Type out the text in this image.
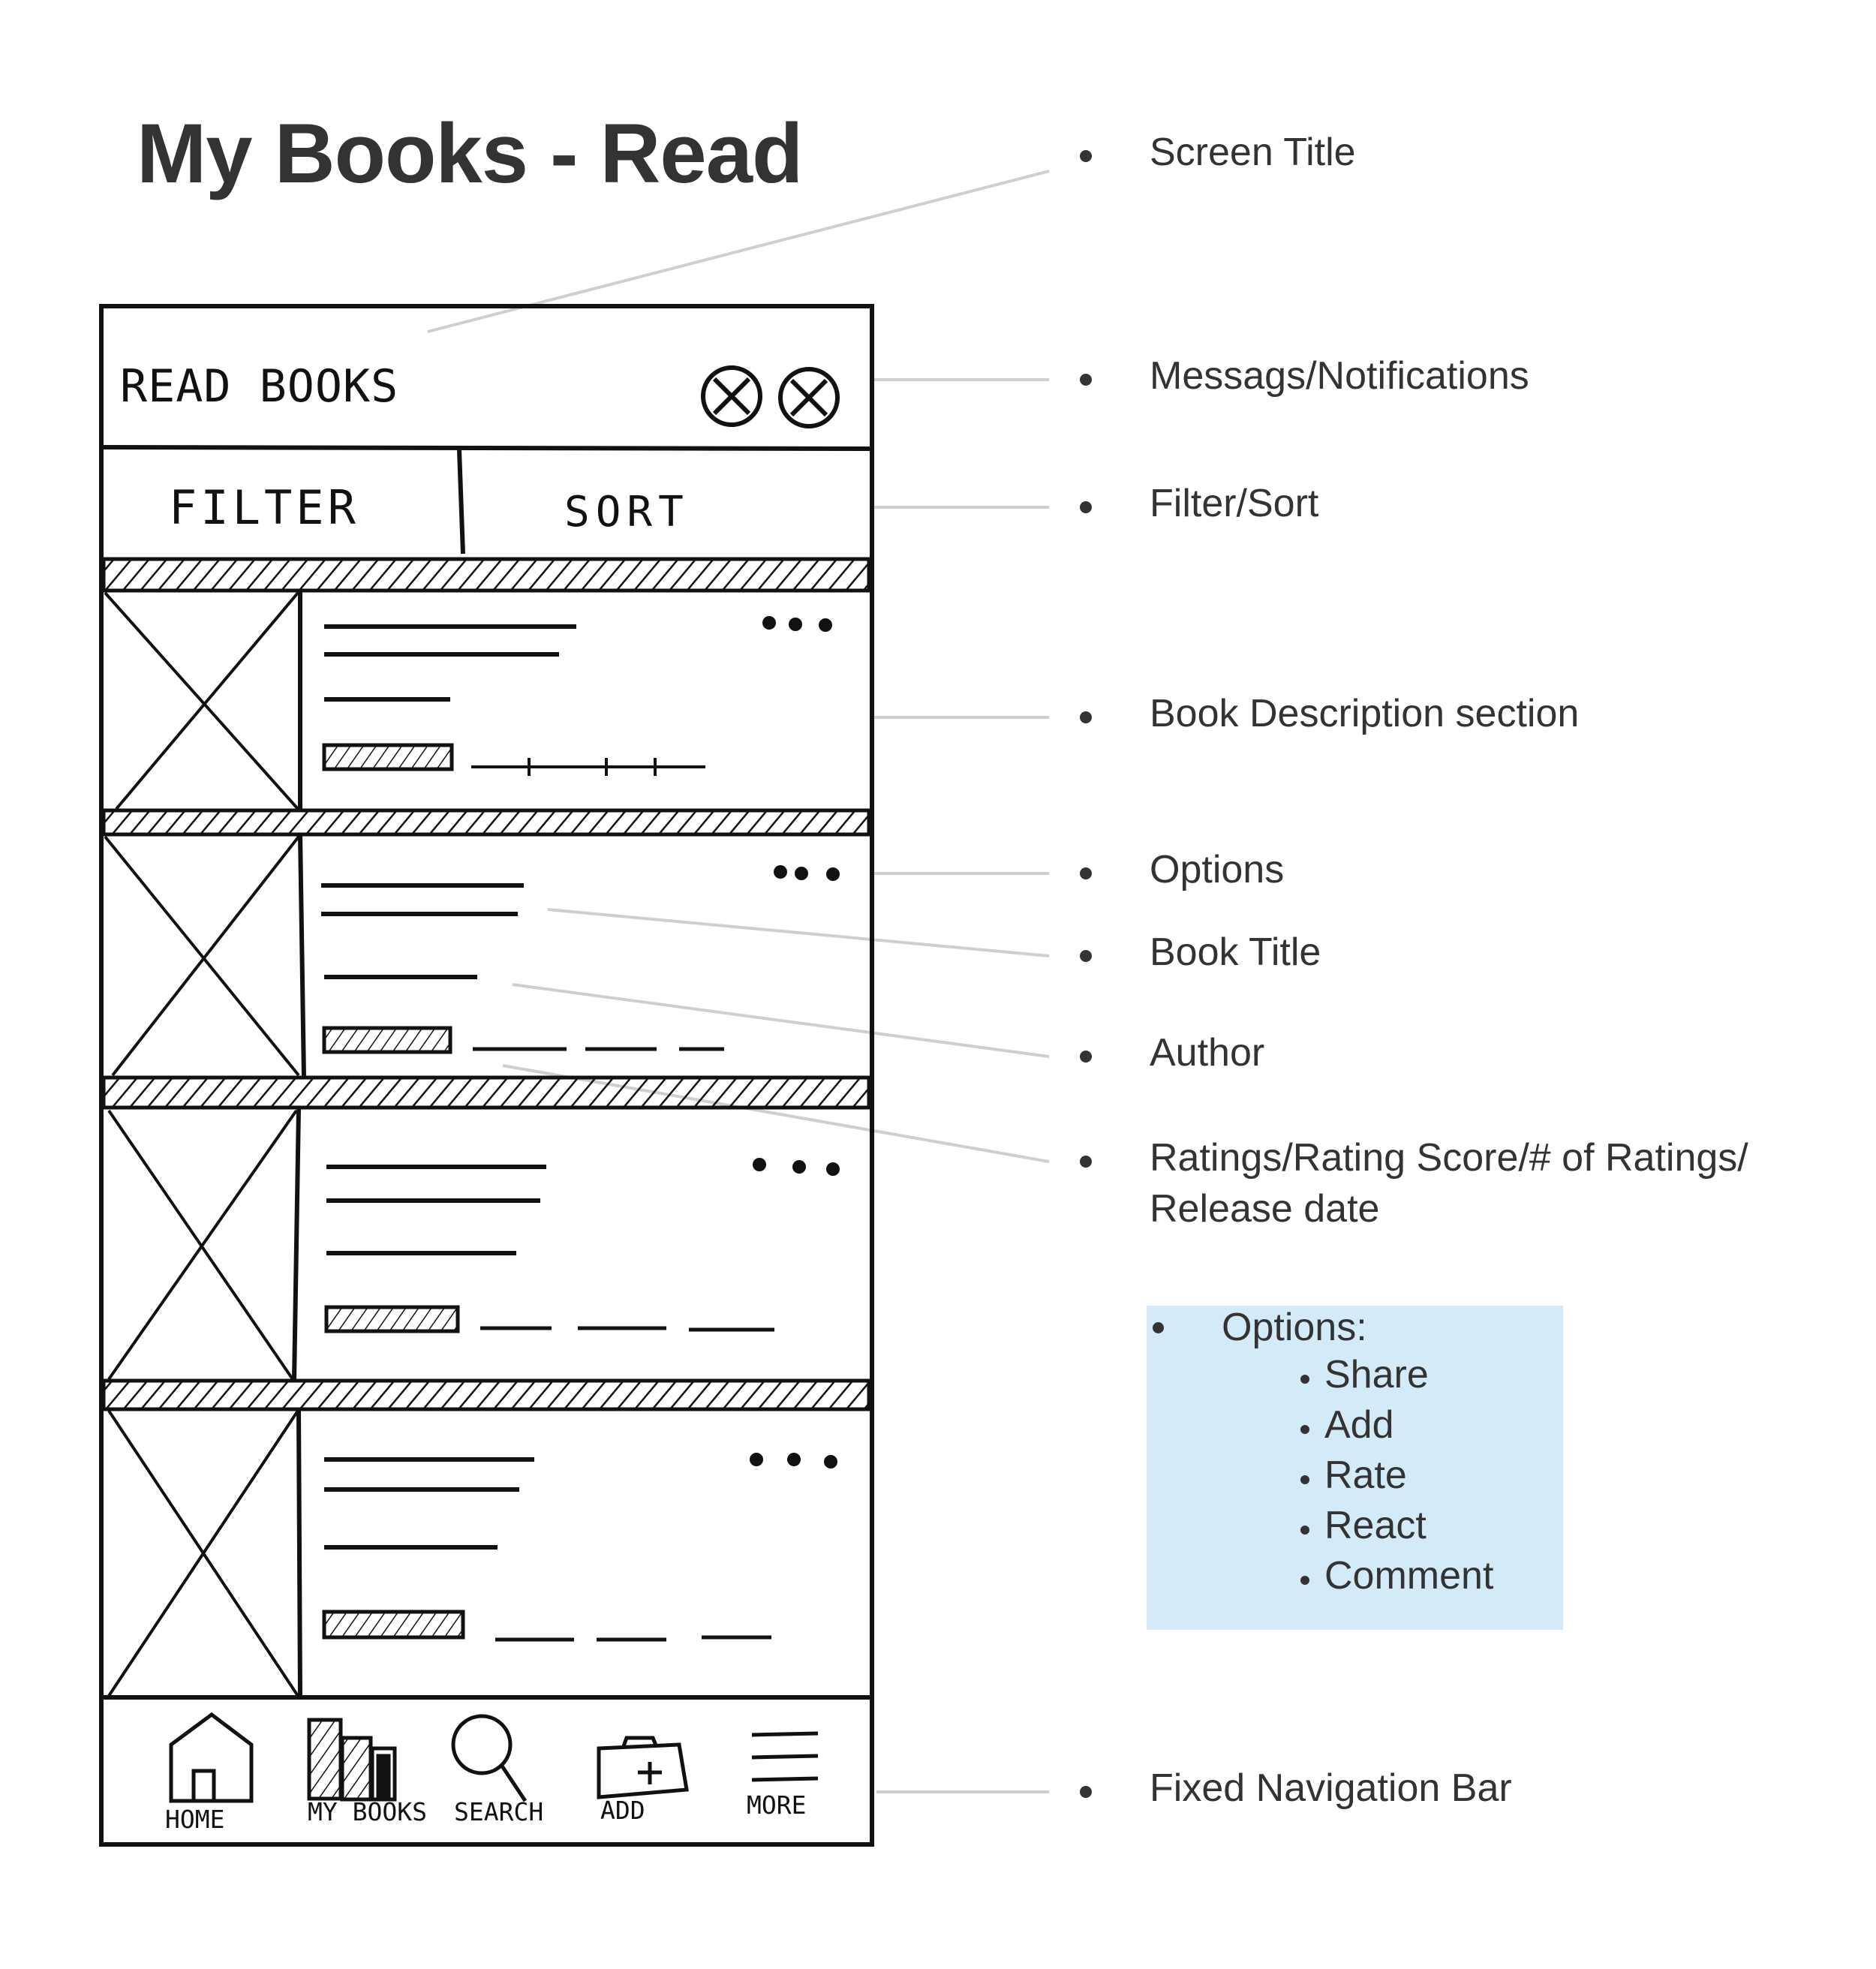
My Books - Read
READ BOOKS
FILTER	SORT
HOME	MY BOOKS SEARCH ADD	MORE
Screen Title
Messags/Notifications
Filter/Sort
Book Description section
Options
Book Title
Author
Ratings/Rating Score/# of Ratings/
Release date
Fixed Navigation Bar
Options:
Share
Add
Rate
React
Comment
